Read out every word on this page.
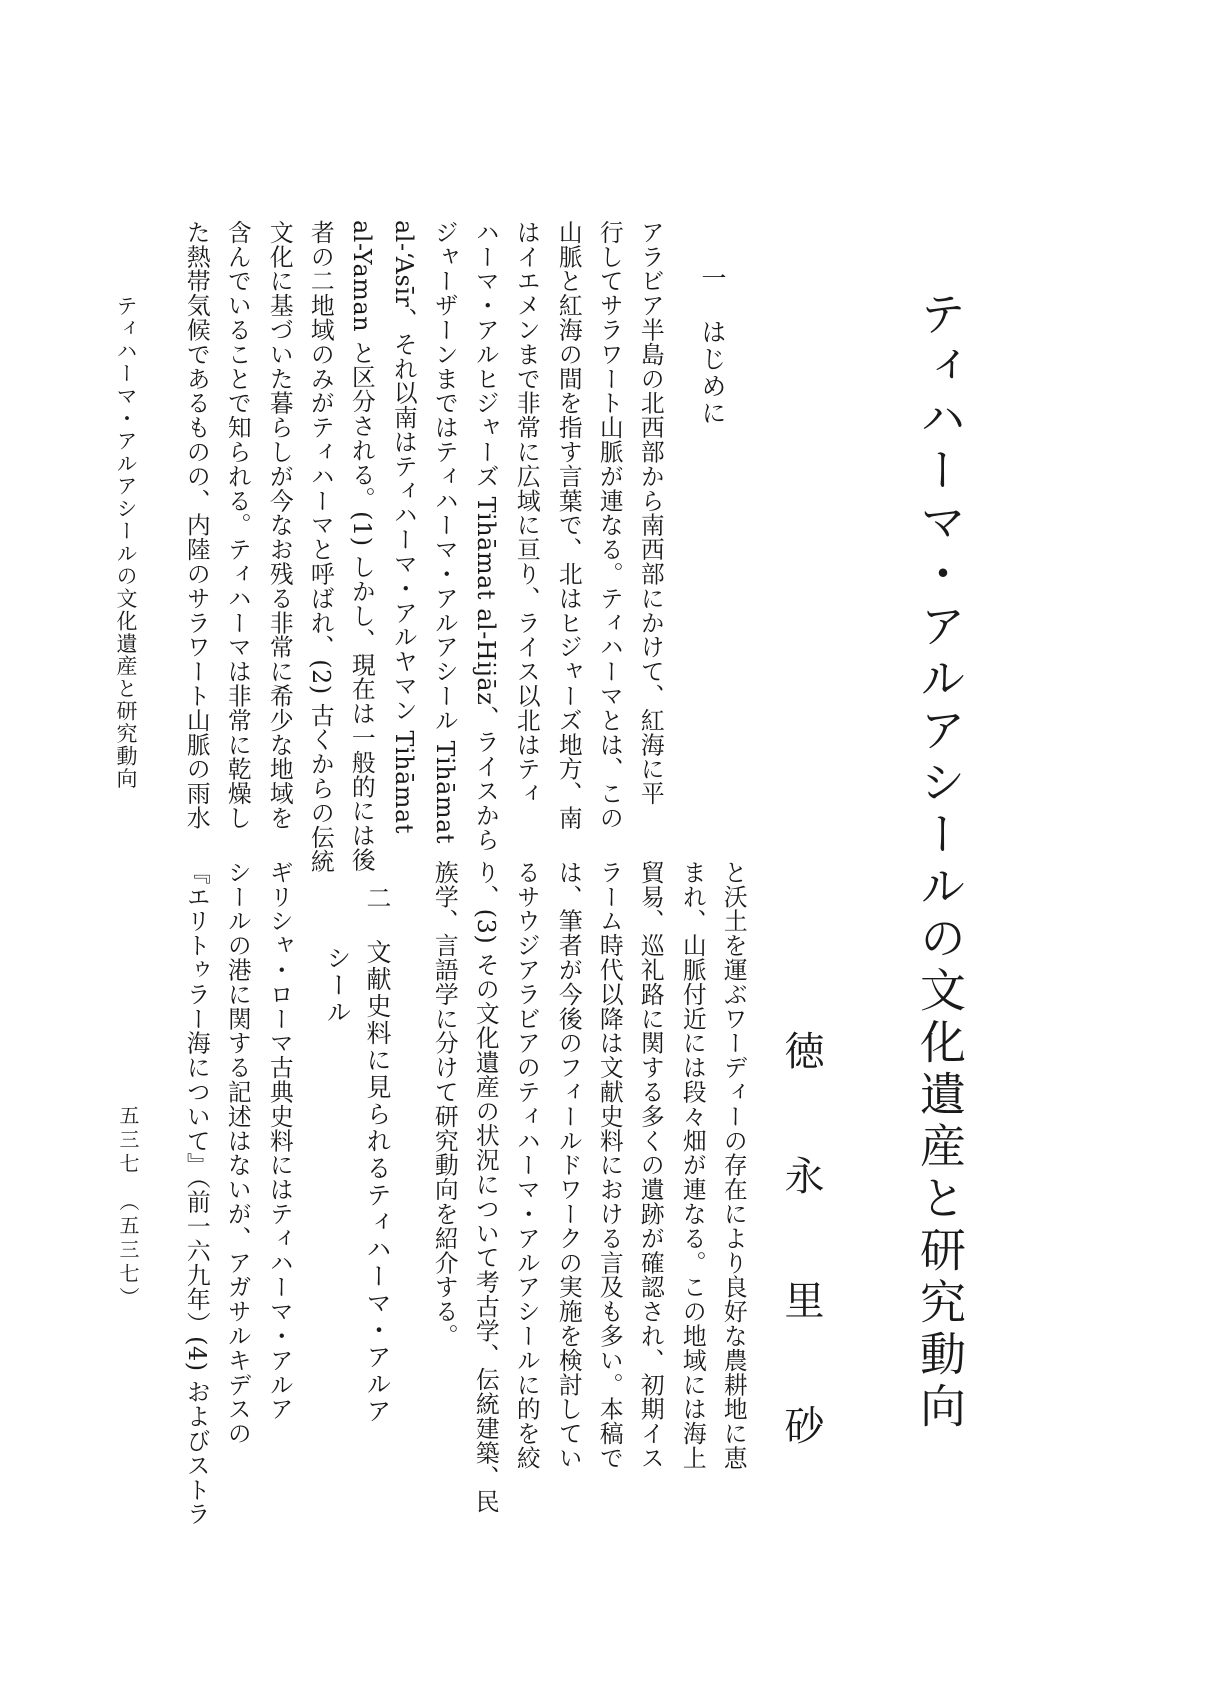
ティハーマ・アルアシールの文化遺産と研究動向
徳 永 里 砂
と沃土を運ぶワーディーの存在により良好な農耕地に恵
まれ、山脈付近には段々畑が連なる。この地域には海上
貿易、巡礼路に関する多くの遺跡が確認され、初期イス
ラーム時代以降は文献史料における言及も多い。本稿で
は、筆者が今後のフィールドワークの実施を検討してい
るサウジアラビアのティハーマ・アルアシールに的を絞
り、(3) その文化遺産の状況について考古学、伝統建築、民
族学、言語学に分けて研究動向を紹介する。
二　文献史料に見られるティハーマ・アルア
シール
ギリシャ・ローマ古典史料にはティハーマ・アルア
シールの港に関する記述はないが、アガサルキデスの
『エリトゥラー海について』（前一六九年）(4) およびストラ
一　はじめに
アラビア半島の北西部から南西部にかけて、紅海に平
行してサラワート山脈が連なる。ティハーマとは、この
山脈と紅海の間を指す言葉で、北はヒジャーズ地方、南
はイエメンまで非常に広域に亘り、ライス以北はティ
ハーマ・アルヒジャーズ Tihāmat al-Hijāz、ライスから
ジャーザーンまではティハーマ・アルアシール Tihāmat
al-ʻAsīr、それ以南はティハーマ・アルヤマン Tihāmat
al-Yaman と区分される。(1) しかし、現在は一般的には後
者の二地域のみがティハーマと呼ばれ、(2) 古くからの伝統
文化に基づいた暮らしが今なお残る非常に希少な地域を
含んでいることで知られる。ティハーマは非常に乾燥し
た熱帯気候であるものの、内陸のサラワート山脈の雨水
ティハーマ・アルアシールの文化遺産と研究動向
五三七　（五三七）
